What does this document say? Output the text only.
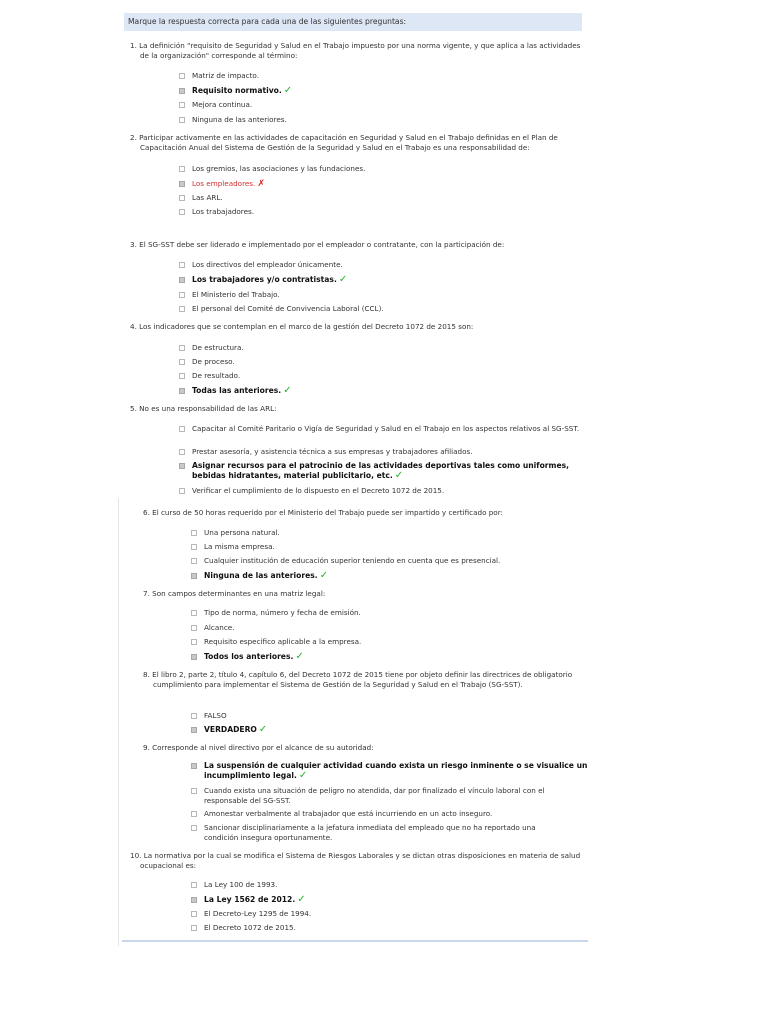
Marque la respuesta correcta para cada una de las siguientes preguntas:
1. La definición "requisito de Seguridad y Salud en el Trabajo impuesto por una norma vigente, y que aplica a las actividades de la organización" corresponde al término:
Matriz de impacto.
Requisito normativo. ✓
Mejora continua.
Ninguna de las anteriores.
2. Participar activamente en las actividades de capacitación en Seguridad y Salud en el Trabajo definidas en el Plan de Capacitación Anual del Sistema de Gestión de la Seguridad y Salud en el Trabajo es una responsabilidad de:
Los gremios, las asociaciones y las fundaciones.
Los empleadores. ✗
Las ARL.
Los trabajadores.
3. El SG-SST debe ser liderado e implementado por el empleador o contratante, con la participación de:
Los directivos del empleador únicamente.
Los trabajadores y/o contratistas. ✓
El Ministerio del Trabajo.
El personal del Comité de Convivencia Laboral (CCL).
4. Los indicadores que se contemplan en el marco de la gestión del Decreto 1072 de 2015 son:
De estructura.
De proceso.
De resultado.
Todas las anteriores. ✓
5. No es una responsabilidad de las ARL:
Capacitar al Comité Paritario o Vigía de Seguridad y Salud en el Trabajo en los aspectos relativos al SG-SST.
Prestar asesoría, y asistencia técnica a sus empresas y trabajadores afiliados.
Asignar recursos para el patrocinio de las actividades deportivas tales como uniformes, bebidas hidratantes, material publicitario, etc. ✓
Verificar el cumplimiento de lo dispuesto en el Decreto 1072 de 2015.
6. El curso de 50 horas requerido por el Ministerio del Trabajo puede ser impartido y certificado por:
Una persona natural.
La misma empresa.
Cualquier institución de educación superior teniendo en cuenta que es presencial.
Ninguna de las anteriores. ✓
7. Son campos determinantes en una matriz legal:
Tipo de norma, número y fecha de emisión.
Alcance.
Requisito específico aplicable a la empresa.
Todos los anteriores. ✓
8. El libro 2, parte 2, título 4, capítulo 6, del Decreto 1072 de 2015 tiene por objeto definir las directrices de obligatorio cumplimiento para implementar el Sistema de Gestión de la Seguridad y Salud en el Trabajo (SG-SST).
FALSO
VERDADERO ✓
9. Corresponde al nivel directivo por el alcance de su autoridad:
La suspensión de cualquier actividad cuando exista un riesgo inminente o se visualice un incumplimiento legal. ✓
Cuando exista una situación de peligro no atendida, dar por finalizado el vínculo laboral con el responsable del SG-SST.
Amonestar verbalmente al trabajador que está incurriendo en un acto inseguro.
Sancionar disciplinariamente a la jefatura inmediata del empleado que no ha reportado una condición insegura oportunamente.
10. La normativa por la cual se modifica el Sistema de Riesgos Laborales y se dictan otras disposiciones en materia de salud ocupacional es:
La Ley 100 de 1993.
La Ley 1562 de 2012. ✓
El Decreto-Ley 1295 de 1994.
El Decreto 1072 de 2015.
